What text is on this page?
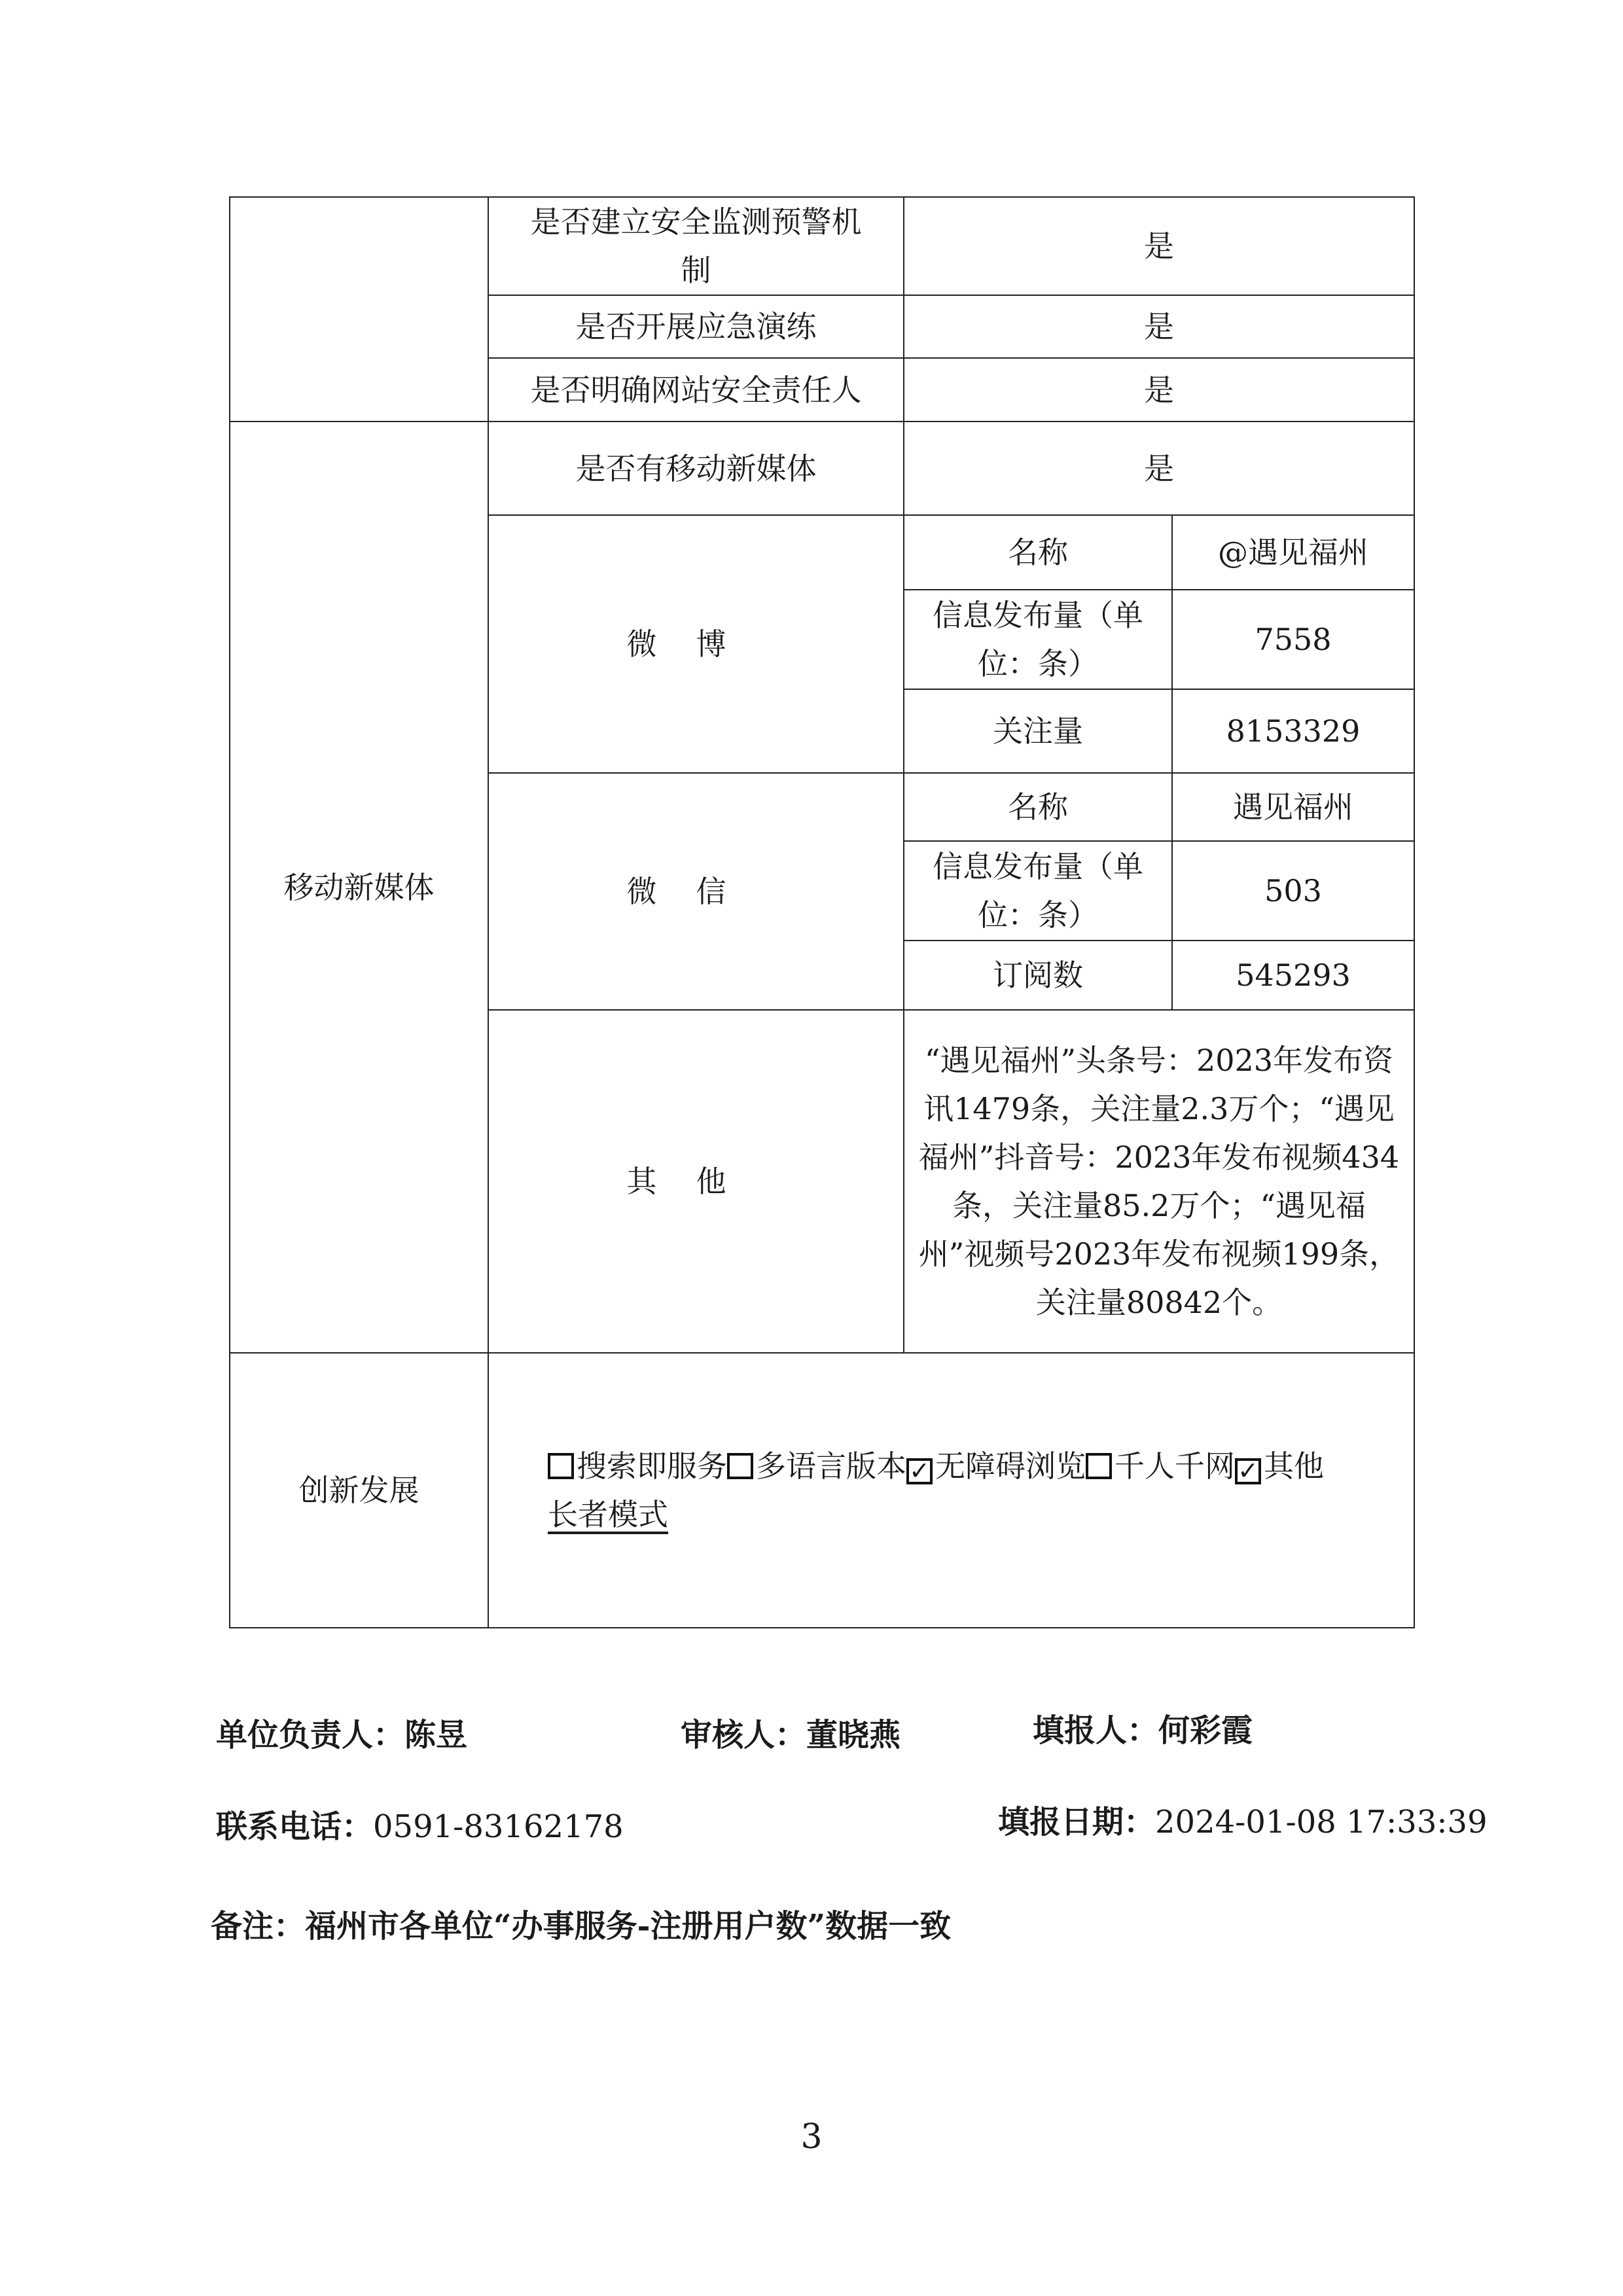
	是否建立安全监测预警机制	是	
	是否开展应急演练	是	
	是否明确网站安全责任人	是	
移动新媒体	是否有移动新媒体	是	
	微博	名称	@遇见福州
		信息发布量（单位：条）	7558
		关注量	8153329
	微信	名称	遇见福州
		信息发布量（单位：条）	503
		订阅数	545293
	其他	“遇见福州”头条号：2023年发布资讯1479条，关注量2.3万个；“遇见福州”抖音号：2023年发布视频434条，关注量85.2万个；“遇见福州”视频号2023年发布视频199条，关注量80842个。	
创新发展	搜索即服务 多语言版本 ✓ 无障碍浏览 千人千网 ✓ 其他
长者模式		
单位负责人：陈昱	审核人：董晓燕	填报人：何彩霞
联系电话：0591-83162178	填报日期：2024-01-08 17:33:39
备注：福州市各单位“办事服务-注册用户数”数据一致
3
